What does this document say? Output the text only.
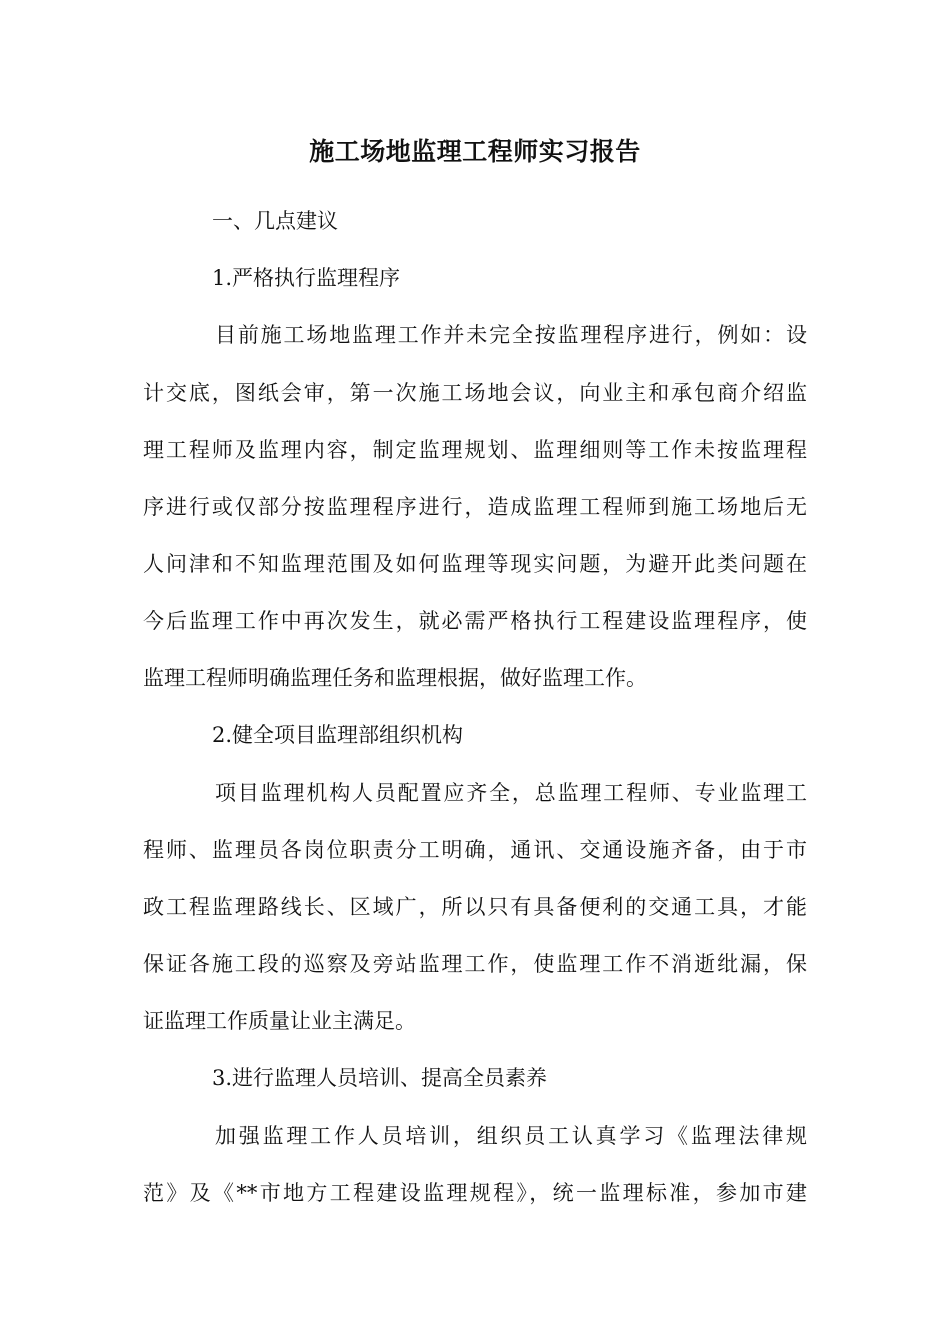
施工场地监理工程师实习报告
一、几点建议
1.严格执行监理程序
目前施工场地监理工作并未完全按监理程序进行，例如：设
计交底，图纸会审，第一次施工场地会议，向业主和承包商介绍监
理工程师及监理内容，制定监理规划、监理细则等工作未按监理程
序进行或仅部分按监理程序进行，造成监理工程师到施工场地后无
人问津和不知监理范围及如何监理等现实问题，为避开此类问题在
今后监理工作中再次发生，就必需严格执行工程建设监理程序，使
监理工程师明确监理任务和监理根据，做好监理工作。
2.健全项目监理部组织机构
项目监理机构人员配置应齐全，总监理工程师、专业监理工
程师、监理员各岗位职责分工明确，通讯、交通设施齐备，由于市
政工程监理路线长、区域广，所以只有具备便利的交通工具，才能
保证各施工段的巡察及旁站监理工作，使监理工作不消逝纰漏，保
证监理工作质量让业主满足。
3.进行监理人员培训、提高全员素养
加强监理工作人员培训，组织员工认真学习《监理法律规
范》及《**市地方工程建设监理规程》，统一监理标准，参加市建
